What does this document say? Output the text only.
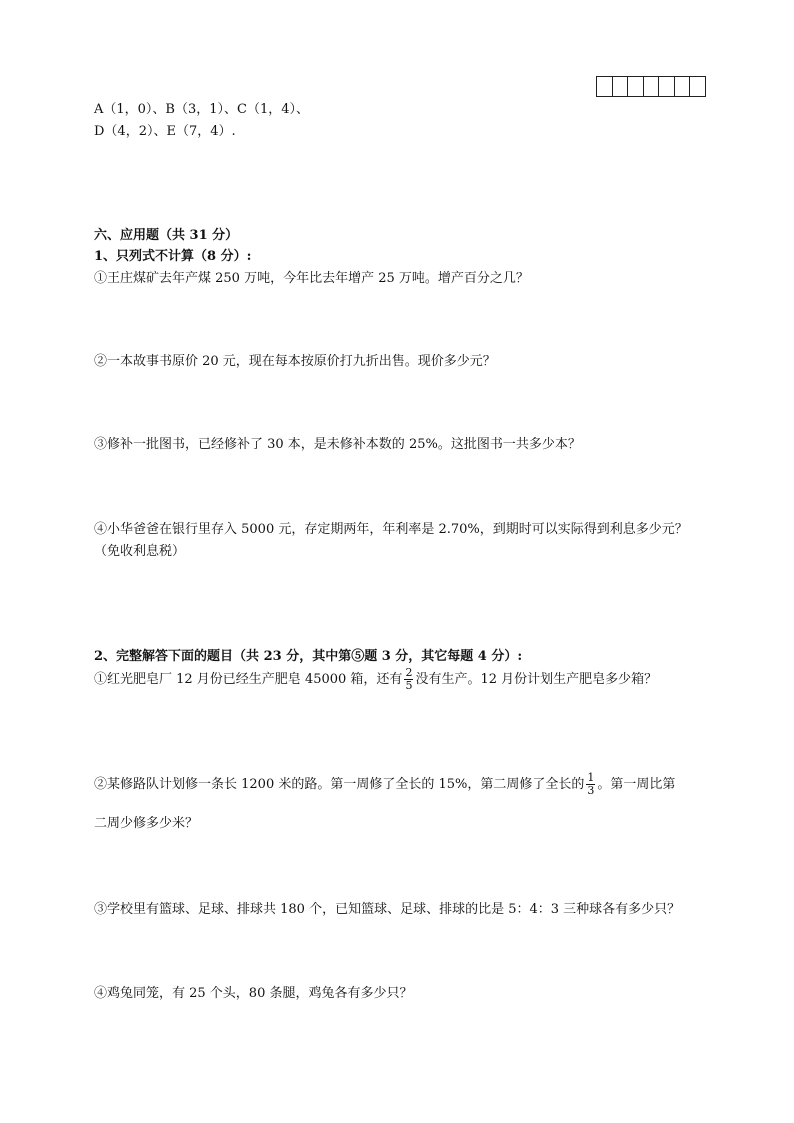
A（1，0）、B（3，1）、C（1，4）、
D（4，2）、E（7，4）.
六、应用题（共 31 分）
1、只列式不计算（8 分）:
①王庄煤矿去年产煤 250 万吨，今年比去年增产 25 万吨。增产百分之几？
②一本故事书原价 20 元，现在每本按原价打九折出售。现价多少元？
③修补一批图书，已经修补了 30 本，是未修补本数的 25%。这批图书一共多少本？
④小华爸爸在银行里存入 5000 元，存定期两年，年利率是 2.70%，到期时可以实际得到利息多少元？
（免收利息税）
2、完整解答下面的题目（共 23 分，其中第⑤题 3 分，其它每题 4 分）:
①红光肥皂厂 12 月份已经生产肥皂 45000 箱，还有 $\frac{2}{5}$ 没有生产。12 月份计划生产肥皂多少箱？
②某修路队计划修一条长 1200 米的路。第一周修了全长的 15%，第二周修了全长的 $\frac{1}{3}$ 。第一周比第
二周少修多少米？
③学校里有篮球、足球、排球共 180 个，已知篮球、足球、排球的比是 5：4：3 三种球各有多少只？
④鸡兔同笼，有 25 个头，80 条腿，鸡兔各有多少只？
